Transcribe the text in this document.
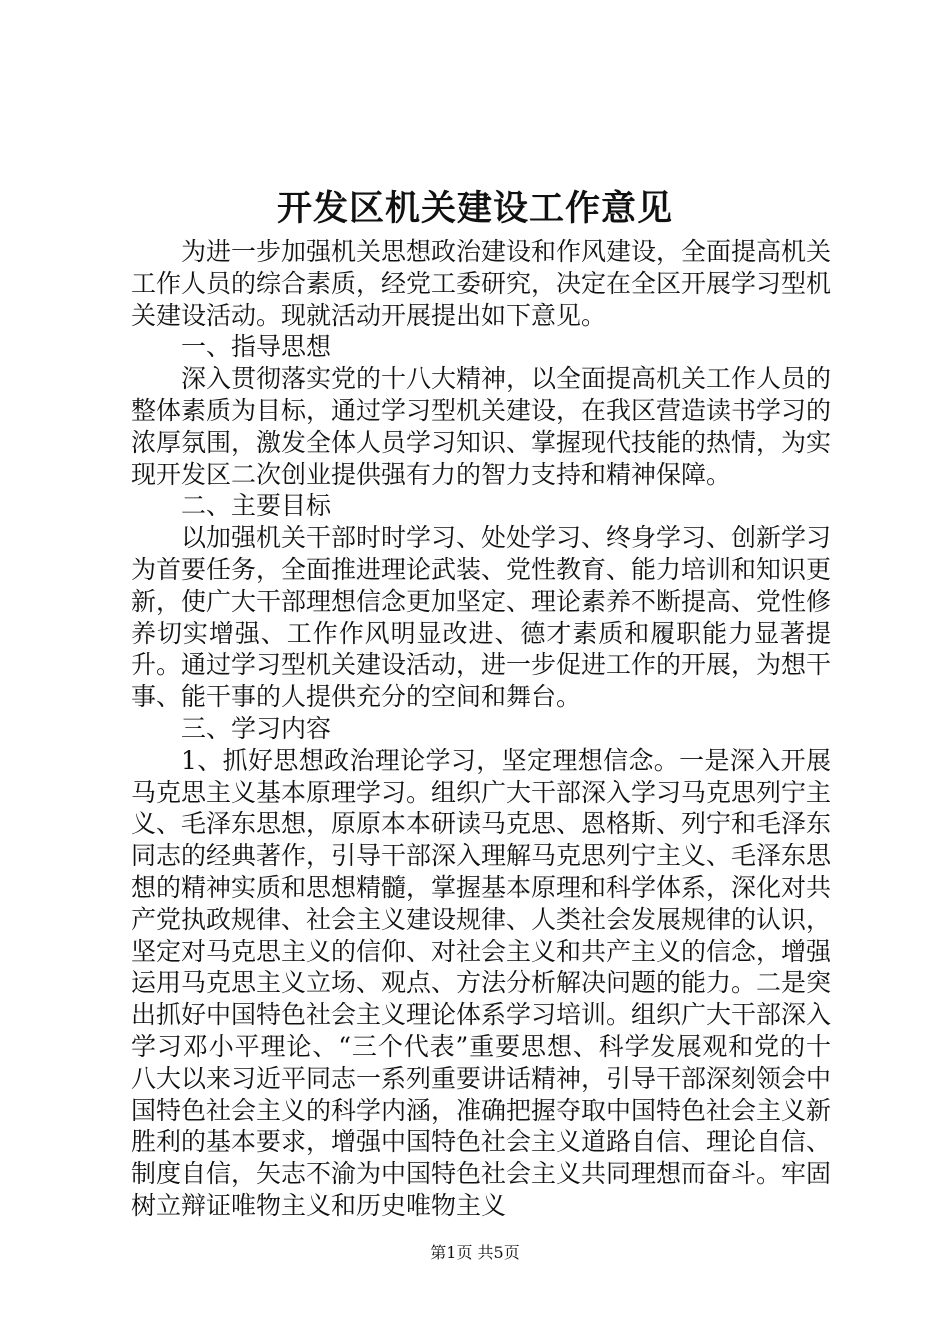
开发区机关建设工作意见

为进一步加强机关思想政治建设和作风建设，全面提高机关工作人员的综合素质，经党工委研究，决定在全区开展学习型机关建设活动。现就活动开展提出如下意见。

一、指导思想

深入贯彻落实党的十八大精神，以全面提高机关工作人员的整体素质为目标，通过学习型机关建设，在我区营造读书学习的浓厚氛围，激发全体人员学习知识、掌握现代技能的热情，为实现开发区二次创业提供强有力的智力支持和精神保障。

二、主要目标

以加强机关干部时时学习、处处学习、终身学习、创新学习为首要任务，全面推进理论武装、党性教育、能力培训和知识更新，使广大干部理想信念更加坚定、理论素养不断提高、党性修养切实增强、工作作风明显改进、德才素质和履职能力显著提升。通过学习型机关建设活动，进一步促进工作的开展，为想干事、能干事的人提供充分的空间和舞台。

三、学习内容

1、抓好思想政治理论学习，坚定理想信念。一是深入开展马克思主义基本原理学习。组织广大干部深入学习马克思列宁主义、毛泽东思想，原原本本研读马克思、恩格斯、列宁和毛泽东同志的经典著作，引导干部深入理解马克思列宁主义、毛泽东思想的精神实质和思想精髓，掌握基本原理和科学体系，深化对共产党执政规律、社会主义建设规律、人类社会发展规律的认识，坚定对马克思主义的信仰、对社会主义和共产主义的信念，增强运用马克思主义立场、观点、方法分析解决问题的能力。二是突出抓好中国特色社会主义理论体系学习培训。组织广大干部深入学习邓小平理论、“三个代表”重要思想、科学发展观和党的十八大以来习近平同志一系列重要讲话精神，引导干部深刻领会中国特色社会主义的科学内涵，准确把握夺取中国特色社会主义新胜利的基本要求，增强中国特色社会主义道路自信、理论自信、制度自信，矢志不渝为中国特色社会主义共同理想而奋斗。牢固树立辩证唯物主义和历史唯物主义

第1页 共5页
